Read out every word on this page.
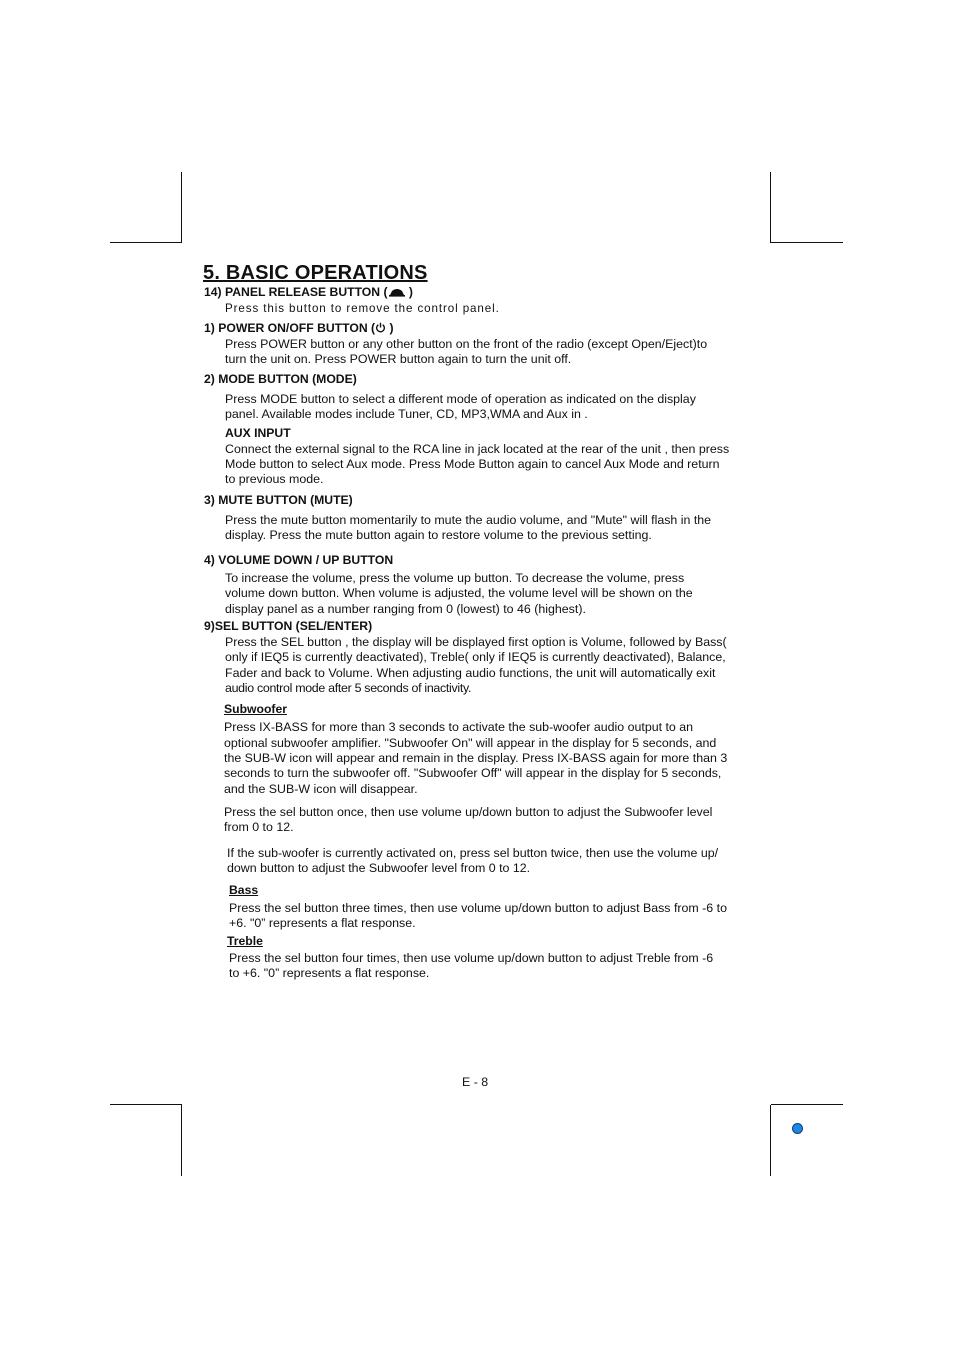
5. BASIC OPERATIONS
14) PANEL RELEASE BUTTON ( )
Press this button to remove the control panel.
1) POWER ON/OFF BUTTON ( )
Press POWER button or any other button on the front of the radio (except Open/Eject)to
turn the unit on. Press POWER button again to turn the unit off.
2) MODE BUTTON (MODE)
Press MODE button to select a different mode of operation as indicated on the display
panel. Available modes include Tuner, CD, MP3,WMA and Aux in .
AUX INPUT
Connect the external signal to the RCA line in jack located at the rear of the unit , then press
Mode button to select Aux mode. Press Mode Button again to cancel Aux Mode and return
to previous mode.
3) MUTE BUTTON (MUTE)
Press the mute button momentarily to mute the audio volume, and "Mute" will flash in the
display. Press the mute button again to restore volume to the previous setting.
4) VOLUME DOWN / UP BUTTON
To increase the volume, press the volume up button. To decrease the volume, press
volume down button. When volume is adjusted, the volume level will be shown on the
display panel as a number ranging from 0 (lowest) to 46 (highest).
9)SEL BUTTON (SEL/ENTER)
Press the SEL button , the display will be displayed first option is Volume, followed by Bass(
only if IEQ5 is currently deactivated), Treble( only if IEQ5 is currently deactivated), Balance,
Fader and back to Volume. When adjusting audio functions, the unit will automatically exit
audio control mode after 5 seconds of inactivity.
Subwoofer
Press IX-BASS for more than 3 seconds to activate the sub-woofer audio output to an
optional subwoofer amplifier. "Subwoofer On" will appear in the display for 5 seconds, and
the SUB-W icon will appear and remain in the display. Press IX-BASS again for more than 3
seconds to turn the subwoofer off. "Subwoofer Off" will appear in the display for 5 seconds,
and the SUB-W icon will disappear.
Press the sel button once, then use volume up/down button to adjust the Subwoofer level
from 0 to 12.
If the sub-woofer is currently activated on, press sel button twice, then use the volume up/
down button to adjust the Subwoofer level from 0 to 12.
Bass
Press the sel button three times, then use volume up/down button to adjust Bass from -6 to
+6. "0” represents a flat response.
Treble
Press the sel button four times, then use volume up/down button to adjust Treble from -6
to +6. "0” represents a flat response.
E - 8
